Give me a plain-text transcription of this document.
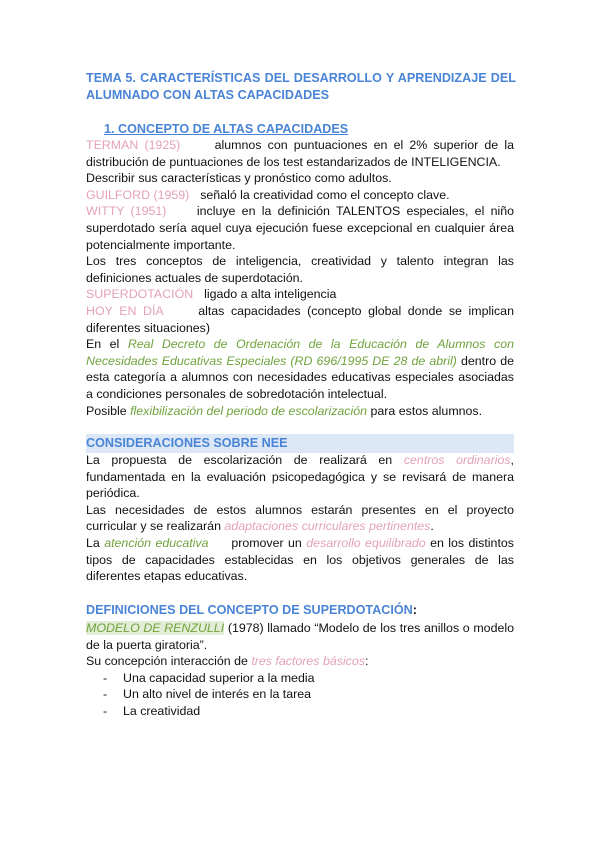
TEMA 5. CARACTERÍSTICAS DEL DESARROLLO Y APRENDIZAJE DEL ALUMNADO CON ALTAS CAPACIDADES
1. CONCEPTO DE ALTAS CAPACIDADES

TERMAN (1925)	alumnos con puntuaciones en el 2% superior de la distribución de puntuaciones de los test estandarizados de INTELIGENCIA.

Describir sus características y pronóstico como adultos.

GUILFORD (1959) señaló la creatividad como el concepto clave.

WITTY (1951) incluye en la definición TALENTOS especiales, el niño superdotado sería aquel cuya ejecución fuese excepcional en cualquier área potencialmente importante.

Los tres conceptos de inteligencia, creatividad y talento integran las definiciones actuales de superdotación.

SUPERDOTACIÓN ligado a alta inteligencia

HOY EN DÍA	altas capacidades (concepto global donde se implican diferentes situaciones)

En el Real Decreto de Ordenación de la Educación de Alumnos con Necesidades Educativas Especiales (RD 696/1995 DE 28 de abril) dentro de esta categoría a alumnos con necesidades educativas especiales asociadas a condiciones personales de sobredotación intelectual.

Posible flexibilización del periodo de escolarización para estos alumnos.

CONSIDERACIONES SOBRE NEE

La propuesta de escolarización de realizará en centros ordinarios, fundamentada en la evaluación psicopedagógica y se revisará de manera periódica.

Las necesidades de estos alumnos estarán presentes en el proyecto curricular y se realizarán adaptaciones curriculares pertinentes.

La atención educativa promover un desarrollo equilibrado en los distintos tipos de capacidades establecidas en los objetivos generales de las diferentes etapas educativas.

DEFINICIONES DEL CONCEPTO DE SUPERDOTACIÓN:

MODELO DE RENZULLI (1978) llamado “Modelo de los tres anillos o modelo de la puerta giratoria”.

Su concepción interacción de tres factores básicos:

- Una capacidad superior a la media
- Un alto nivel de interés en la tarea
- La creatividad
